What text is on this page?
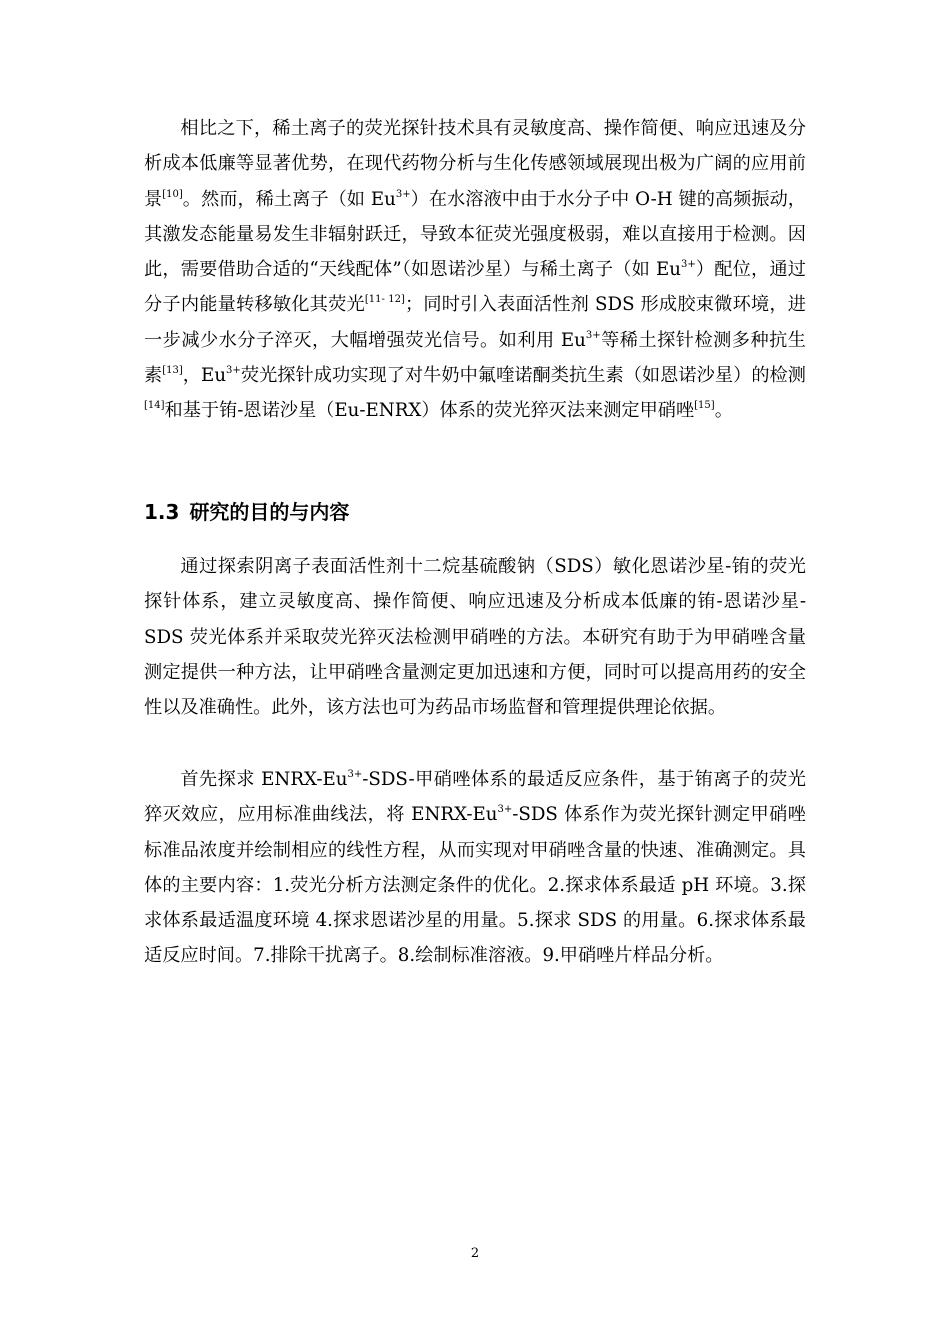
相比之下，稀土离子的荧光探针技术具有灵敏度高、操作简便、响应迅速及分析成本低廉等显著优势，在现代药物分析与生化传感领域展现出极为广阔的应用前景[10]。然而，稀土离子（如 $Eu^{3+}$）在水溶液中由于水分子中 O-H 键的高频振动，其激发态能量易发生非辐射跃迁，导致本征荧光强度极弱，难以直接用于检测。因此，需要借助合适的“天线配体”（如恩诺沙星）与稀土离子（如 $Eu^{3+}$）配位，通过分子内能量转移敏化其荧光[11- 12]；同时引入表面活性剂 SDS 形成胶束微环境，进一步减少水分子淬灭，大幅增强荧光信号。如利用 $Eu^{3+}$等稀土探针检测多种抗生素[13]，$Eu^{3+}$荧光探针成功实现了对牛奶中氟喹诺酮类抗生素（如恩诺沙星）的检测[14]和基于铕-恩诺沙星（Eu-ENRX）体系的荧光猝灭法来测定甲硝唑[15]。

1.3 研究的目的与内容

通过探索阴离子表面活性剂十二烷基硫酸钠（SDS）敏化恩诺沙星-铕的荧光探针体系，建立灵敏度高、操作简便、响应迅速及分析成本低廉的铕-恩诺沙星-SDS 荧光体系并采取荧光猝灭法检测甲硝唑的方法。本研究有助于为甲硝唑含量测定提供一种方法，让甲硝唑含量测定更加迅速和方便，同时可以提高用药的安全性以及准确性。此外，该方法也可为药品市场监督和管理提供理论依据。

首先探求 ENRX-$Eu^{3+}-SDS-$甲硝唑体系的最适反应条件，基于铕离子的荧光猝灭效应，应用标准曲线法，将 ENRX-$Eu^{3+}$-SDS 体系作为荧光探针测定甲硝唑标准品浓度并绘制相应的线性方程，从而实现对甲硝唑含量的快速、准确测定。具体的主要内容：1.荧光分析方法测定条件的优化。2.探求体系最适 pH 环境。3.探求体系最适温度环境 4.探求恩诺沙星的用量。5.探求 SDS 的用量。6.探求体系最适反应时间。7.排除干扰离子。8.绘制标准溶液。9.甲硝唑片样品分析。

2
